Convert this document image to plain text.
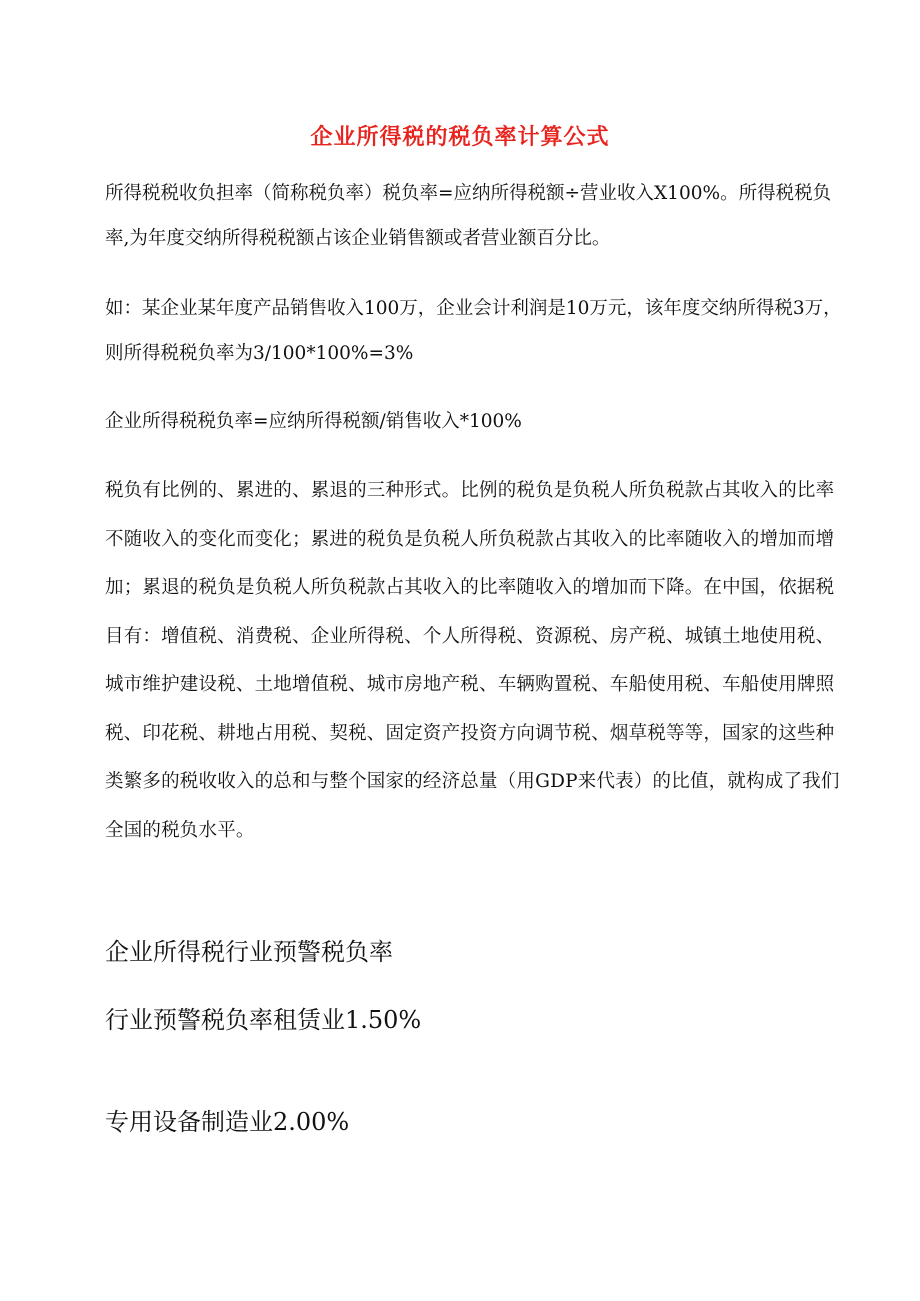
企业所得税的税负率计算公式

所得税税收负担率（简称税负率）税负率=应纳所得税额÷营业收入X100%。所得税税负率,为年度交纳所得税税额占该企业销售额或者营业额百分比。

如：某企业某年度产品销售收入100万，企业会计利润是10万元，该年度交纳所得税3万，则所得税税负率为3/100*100%=3%

企业所得税税负率=应纳所得税额/销售收入*100%

税负有比例的、累进的、累退的三种形式。比例的税负是负税人所负税款占其收入的比率不随收入的变化而变化；累进的税负是负税人所负税款占其收入的比率随收入的增加而增加；累退的税负是负税人所负税款占其收入的比率随收入的增加而下降。在中国，依据税目有：增值税、消费税、企业所得税、个人所得税、资源税、房产税、城镇土地使用税、城市维护建设税、土地增值税、城市房地产税、车辆购置税、车船使用税、车船使用牌照税、印花税、耕地占用税、契税、固定资产投资方向调节税、烟草税等等，国家的这些种类繁多的税收收入的总和与整个国家的经济总量（用GDP来代表）的比值，就构成了我们全国的税负水平。

企业所得税行业预警税负率

行业预警税负率租赁业1.50%

专用设备制造业2.00%
